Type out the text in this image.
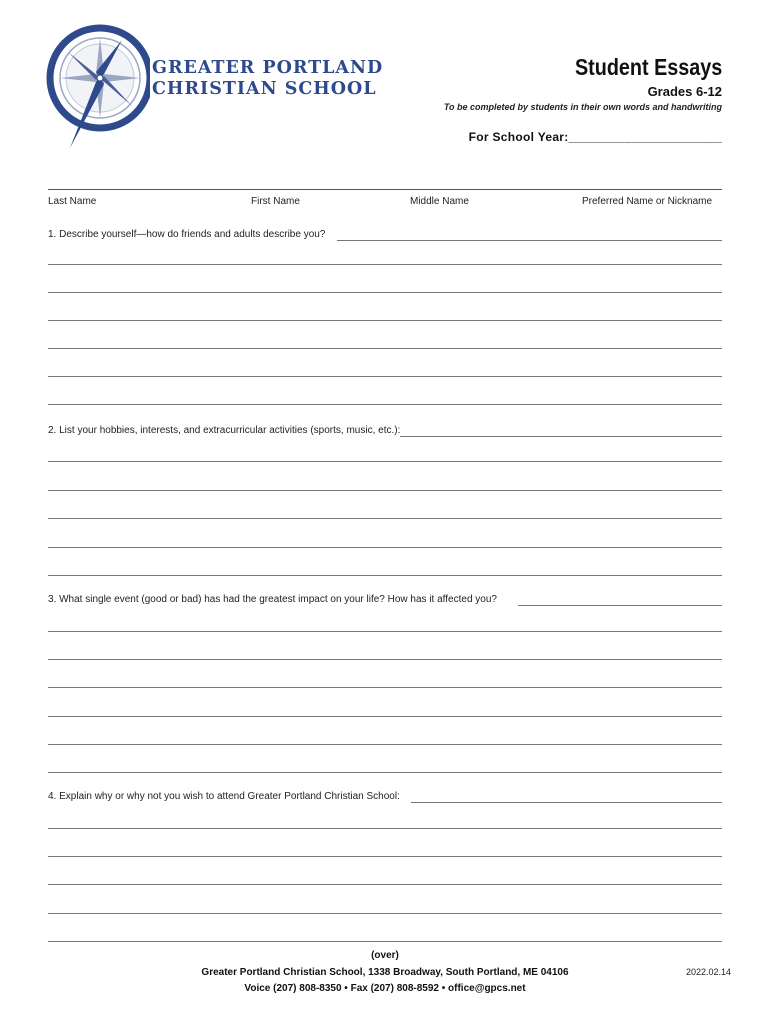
GREATER PORTLAND
CHRISTIAN SCHOOL
Student Essays
Grades 6-12
To be completed by students in their own words and handwriting
For School Year:______________________
Last Name	First Name	Middle Name	Preferred Name or Nickname
1. Describe yourself—how do friends and adults describe you?
2. List your hobbies, interests, and extracurricular activities (sports, music, etc.):
3. What single event (good or bad) has had the greatest impact on your life? How has it affected you?
4. Explain why or why not you wish to attend Greater Portland Christian School:
(over)
Greater Portland Christian School, 1338 Broadway, South Portland, ME 04106
Voice (207) 808-8350 • Fax (207) 808-8592 • office@gpcs.net
2022.02.14
